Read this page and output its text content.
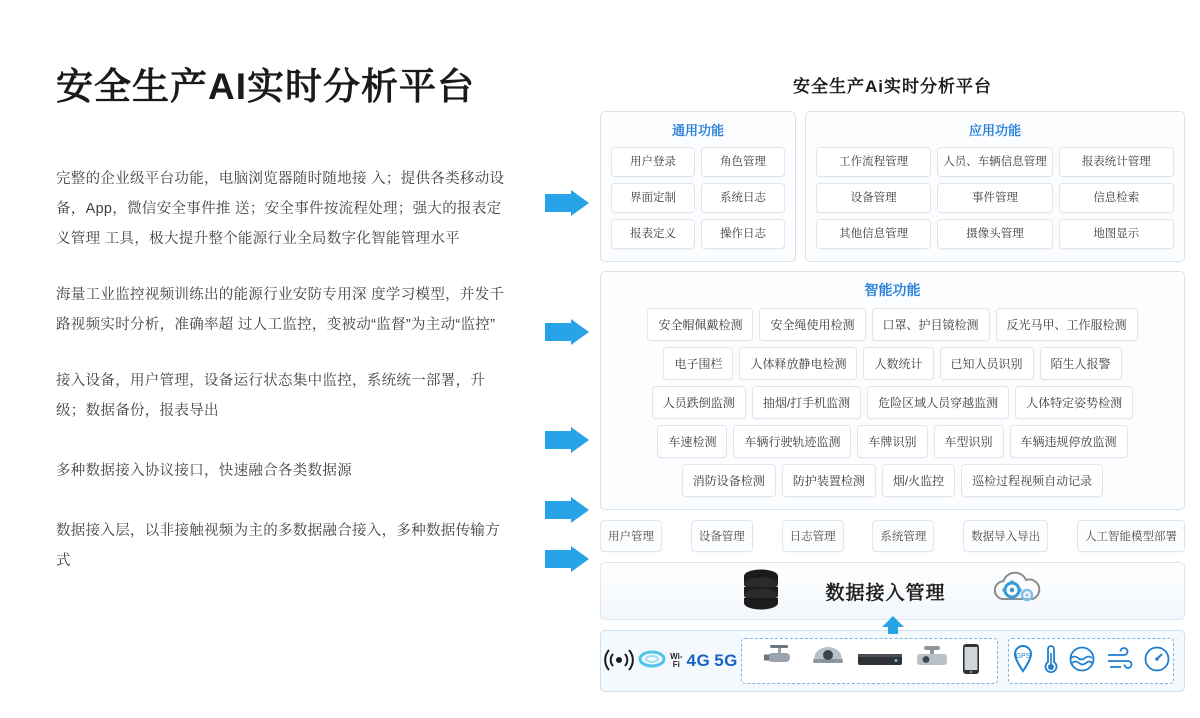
安全生产AI实时分析平台
完整的企业级平台功能，电脑浏览器随时随地接 入；提供各类移动设备，App，微信安全事件推 送；安全事件按流程处理；强大的报表定义管理 工具，极大提升整个能源行业全局数字化智能管理水平
海量工业监控视频训练出的能源行业安防专用深 度学习模型，并发千路视频实时分析，准确率超 过人工监控，变被动“监督”为主动“监控”
接入设备，用户管理，设备运行状态集中监控，系统统一部署，升级；数据备份，报表导出
多种数据接入协议接口，快速融合各类数据源
数据接入层，以非接触视频为主的多数据融合接入，多种数据传输方式
安全生产Ai实时分析平台
通用功能
用户登录	角色管理
界面定制	系统日志
报表定义	操作日志
应用功能
工作流程管理	人员、车辆信息管理	报表统计管理
设备管理	事件管理	信息检索
其他信息管理	摄像头管理	地图显示
智能功能
安全帽佩戴检测	安全绳使用检测	口罩、护目镜检测	反光马甲、工作服检测
电子围栏	人体释放静电检测	人数统计	已知人员识别	陌生人报警
人员跌倒监测	抽烟/打手机监测	危险区域人员穿越监测	人体特定姿势检测
车速检测	车辆行驶轨迹监测	车牌识别	车型识别	车辆违规停放监测
消防设备检测	防护装置检测	烟/火监控	巡检过程视频自动记录
用户管理	设备管理	日志管理	系统管理	数据导入导出	人工智能模型部署
数据接入管理
Wi-Fi 4G 5G	GPS
